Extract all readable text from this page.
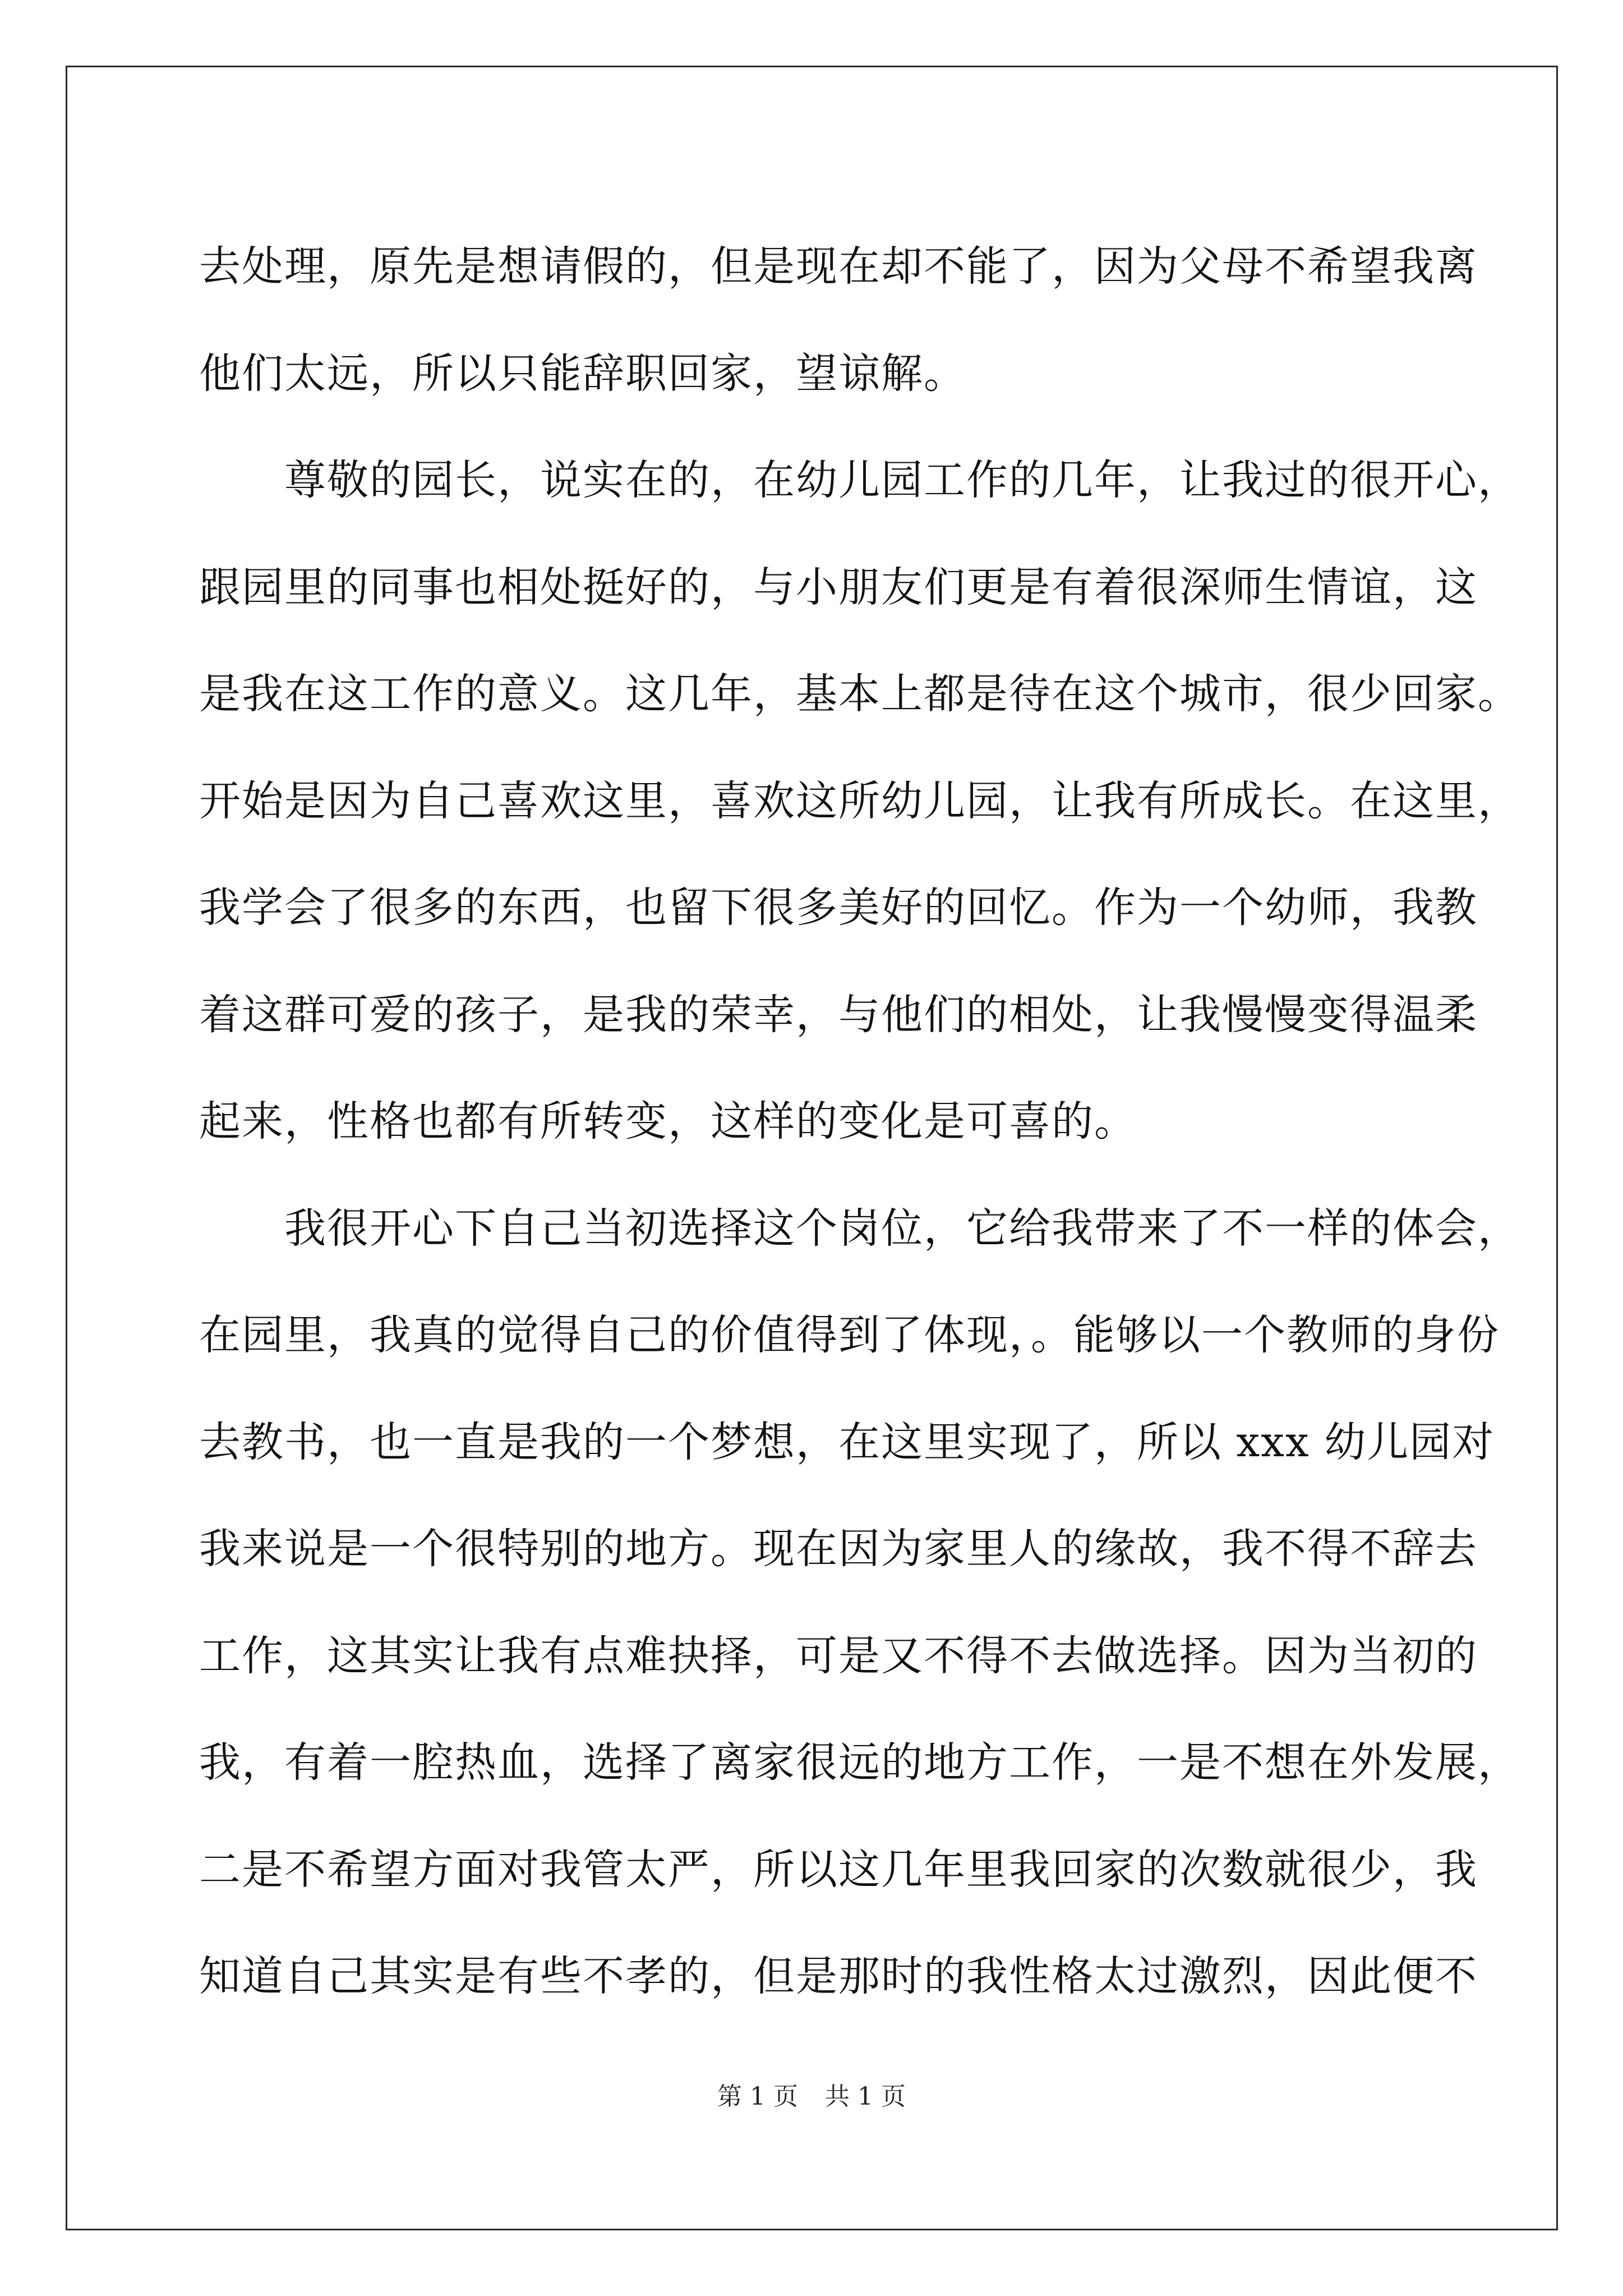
去处理，原先是想请假的，但是现在却不能了，因为父母不希望我离
他们太远，所以只能辞职回家，望谅解。
　　尊敬的园长，说实在的，在幼儿园工作的几年，让我过的很开心，
跟园里的同事也相处挺好的，与小朋友们更是有着很深师生情谊，这
是我在这工作的意义。这几年，基本上都是待在这个城市，很少回家。
开始是因为自己喜欢这里，喜欢这所幼儿园，让我有所成长。在这里，
我学会了很多的东西，也留下很多美好的回忆。作为一个幼师，我教
着这群可爱的孩子，是我的荣幸，与他们的相处，让我慢慢变得温柔
起来，性格也都有所转变，这样的变化是可喜的。
　　我很开心下自己当初选择这个岗位，它给我带来了不一样的体会，
在园里，我真的觉得自己的价值得到了体现，。能够以一个教师的身份
去教书，也一直是我的一个梦想，在这里实现了，所以 xxx 幼儿园对
我来说是一个很特别的地方。现在因为家里人的缘故，我不得不辞去
工作，这其实让我有点难抉择，可是又不得不去做选择。因为当初的
我，有着一腔热血，选择了离家很远的地方工作，一是不想在外发展，
二是不希望方面对我管太严，所以这几年里我回家的次数就很少，我
知道自己其实是有些不孝的，但是那时的我性格太过激烈，因此便不
第 1 页 共 1 页
